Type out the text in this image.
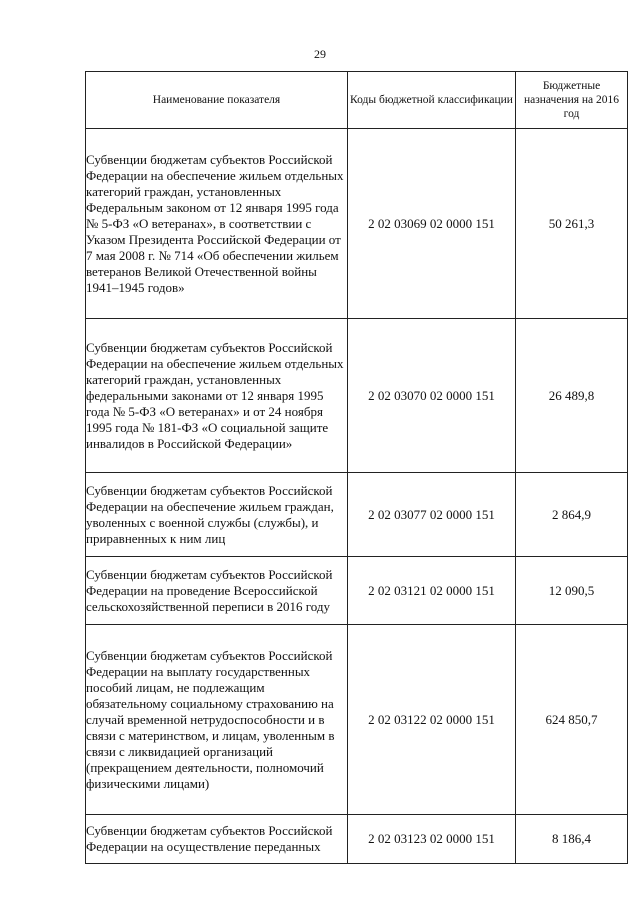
29
Наименование показателя	Коды бюджетной классификации	Бюджетные назначения на 2016 год
Субвенции бюджетам субъектов Российской Федерации на обеспечение жильем отдельных категорий граждан, установленных Федеральным законом от 12 января 1995 года № 5-ФЗ «О ветеранах», в соответствии с Указом Президента Российской Федерации от 7 мая 2008 г. № 714 «Об обеспечении жильем ветеранов Великой Отечественной войны 1941–1945 годов»	2 02 03069 02 0000 151	50 261,3
Субвенции бюджетам субъектов Российской Федерации на обеспечение жильем отдельных категорий граждан, установленных федеральными законами от 12 января 1995 года № 5-ФЗ «О ветеранах» и от 24 ноября 1995 года № 181-ФЗ «О социальной защите инвалидов в Российской Федерации»	2 02 03070 02 0000 151	26 489,8
Субвенции бюджетам субъектов Российской Федерации на обеспечение жильем граждан, уволенных с военной службы (службы), и приравненных к ним лиц	2 02 03077 02 0000 151	2 864,9
Субвенции бюджетам субъектов Российской Федерации на проведение Всероссийской сельскохозяйственной переписи в 2016 году	2 02 03121 02 0000 151	12 090,5
Субвенции бюджетам субъектов Российской Федерации на выплату государственных пособий лицам, не подлежащим обязательному социальному страхованию на случай временной нетрудоспособности и в связи с материнством, и лицам, уволенным в связи с ликвидацией организаций (прекращением деятельности, полномочий физическими лицами)	2 02 03122 02 0000 151	624 850,7
Субвенции бюджетам субъектов Российской Федерации на осуществление переданных	2 02 03123 02 0000 151	8 186,4
